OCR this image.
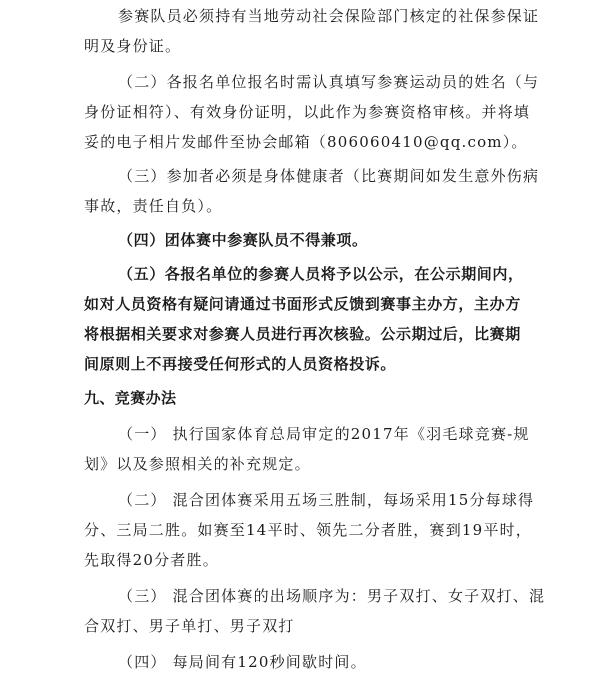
参赛队员必须持有当地劳动社会保险部门核定的社保参保证
明及身份证。
（二）各报名单位报名时需认真填写参赛运动员的姓名（与
身份证相符）、有效身份证明，以此作为参赛资格审核。并将填
妥的电子相片发邮件至协会邮箱（806060410@qq.com）。
（三）参加者必须是身体健康者（比赛期间如发生意外伤病
事故，责任自负）。
（四）团体赛中参赛队员不得兼项。
（五）各报名单位的参赛人员将予以公示，在公示期间内，
如对人员资格有疑问请通过书面形式反馈到赛事主办方，主办方
将根据相关要求对参赛人员进行再次核验。公示期过后，比赛期
间原则上不再接受任何形式的人员资格投诉。
九、竞赛办法
（一） 执行国家体育总局审定的2017年《羽毛球竞赛-规
划》以及参照相关的补充规定。
（二） 混合团体赛采用五场三胜制，每场采用15分每球得
分、三局二胜。如赛至14平时、领先二分者胜，赛到19平时，
先取得20分者胜。
（三） 混合团体赛的出场顺序为：男子双打、女子双打、混
合双打、男子单打、男子双打
（四） 每局间有120秒间歇时间。
